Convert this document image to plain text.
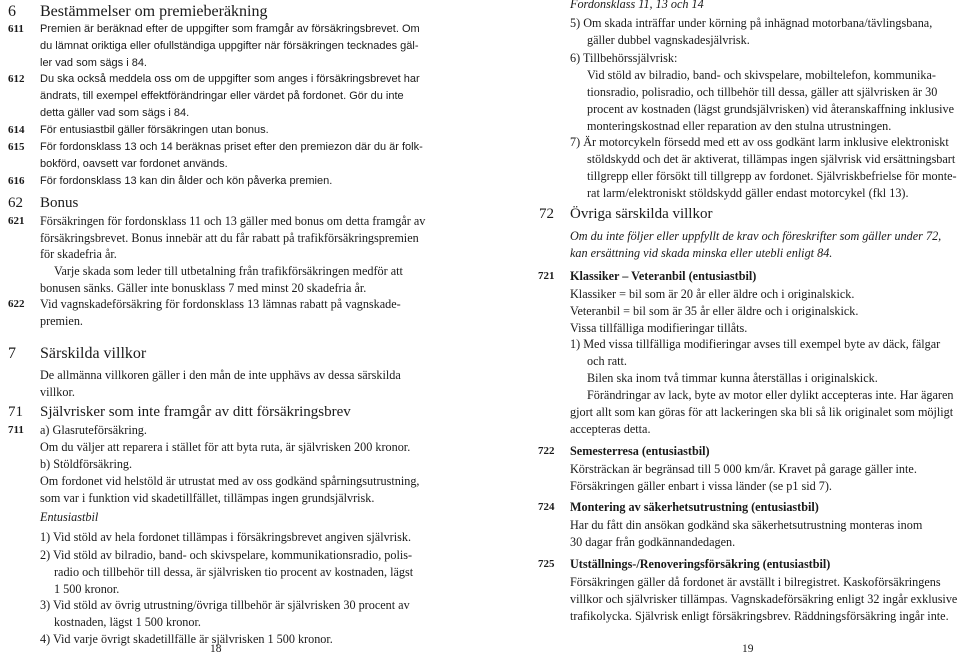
6 Bestämmelser om premieberäkning
611 Premien är beräknad efter de uppgifter som framgår av försäkringsbrevet. Om
du lämnat oriktiga eller ofullständiga uppgifter när försäkringen tecknades gäl-
ler vad som sägs i 84.
612 Du ska också meddela oss om de uppgifter som anges i försäkringsbrevet har
ändrats, till exempel effektförändringar eller värdet på fordonet. Gör du inte
detta gäller vad som sägs i 84.
614 För entusiastbil gäller försäkringen utan bonus.
615 För fordonsklass 13 och 14 beräknas priset efter den premiezon där du är folk-
bokförd, oavsett var fordonet används.
616 För fordonsklass 13 kan din ålder och kön påverka premien.
62 Bonus
621 Försäkringen för fordonsklass 11 och 13 gäller med bonus om detta framgår av
försäkringsbrevet. Bonus innebär att du får rabatt på trafikförsäkringspremien
för skadefria år.
Varje skada som leder till utbetalning från trafikförsäkringen medför att
bonusen sänks. Gäller inte bonusklass 7 med minst 20 skadefria år.
622 Vid vagnskadeförsäkring för fordonsklass 13 lämnas rabatt på vagnskade-
premien.
7 Särskilda villkor
De allmänna villkoren gäller i den mån de inte upphävs av dessa särskilda
villkor.
71 Självrisker som inte framgår av ditt försäkringsbrev
711 a) Glasruteförsäkring.
Om du väljer att reparera i stället för att byta ruta, är självrisken 200 kronor.
b) Stöldförsäkring.
Om fordonet vid helstöld är utrustat med av oss godkänd spårningsutrustning,
som var i funktion vid skadetillfället, tillämpas ingen grundsjälvrisk.
Entusiastbil
1) Vid stöld av hela fordonet tillämpas i försäkringsbrevet angiven självrisk.
2) Vid stöld av bilradio, band- och skivspelare, kommunikationsradio, polis-
radio och tillbehör till dessa, är självrisken tio procent av kostnaden, lägst
1 500 kronor.
3) Vid stöld av övrig utrustning/övriga tillbehör är självrisken 30 procent av
kostnaden, lägst 1 500 kronor.
4) Vid varje övrigt skadetillfälle är självrisken 1 500 kronor.
18
Fordonsklass 11, 13 och 14
5) Om skada inträffar under körning på inhägnad motorbana/tävlingsbana,
gäller dubbel vagnskadesjälvrisk.
6) Tillbehörssjälvrisk:
Vid stöld av bilradio, band- och skivspelare, mobiltelefon, kommunika-
tionsradio, polisradio, och tillbehör till dessa, gäller att självrisken är 30
procent av kostnaden (lägst grundsjälvrisken) vid återanskaffning inklusive
monteringskostnad eller reparation av den stulna utrustningen.
7) Är motorcykeln försedd med ett av oss godkänt larm inklusive elektroniskt
stöldskydd och det är aktiverat, tillämpas ingen självrisk vid ersättningsbart
tillgrepp eller försökt till tillgrepp av fordonet. Självriskbefrielse för monte-
rat larm/elektroniskt stöldskydd gäller endast motorcykel (fkl 13).
72 Övriga särskilda villkor
Om du inte följer eller uppfyllt de krav och föreskrifter som gäller under 72,
kan ersättning vid skada minska eller utebli enligt 84.
721 Klassiker – Veteranbil (entusiastbil)
Klassiker = bil som är 20 år eller äldre och i originalskick.
Veteranbil = bil som är 35 år eller äldre och i originalskick.
Vissa tillfälliga modifieringar tillåts.
1) Med vissa tillfälliga modifieringar avses till exempel byte av däck, fälgar
och ratt.
Bilen ska inom två timmar kunna återställas i originalskick.
Förändringar av lack, byte av motor eller dylikt accepteras inte. Har ägaren
gjort allt som kan göras för att lackeringen ska bli så lik originalet som möjligt
accepteras detta.
722 Semesterresa (entusiastbil)
Körsträckan är begränsad till 5 000 km/år. Kravet på garage gäller inte.
Försäkringen gäller enbart i vissa länder (se p1 sid 7).
724 Montering av säkerhetsutrustning (entusiastbil)
Har du fått din ansökan godkänd ska säkerhetsutrustning monteras inom
30 dagar från godkännandedagen.
725 Utställnings-/Renoveringsförsäkring (entusiastbil)
Försäkringen gäller då fordonet är avställt i bilregistret. Kaskoförsäkringens
villkor och självrisker tillämpas. Vagnskadeförsäkring enligt 32 ingår exklusive
trafikolycka. Självrisk enligt försäkringsbrev. Räddningsförsäkring ingår inte.
19
